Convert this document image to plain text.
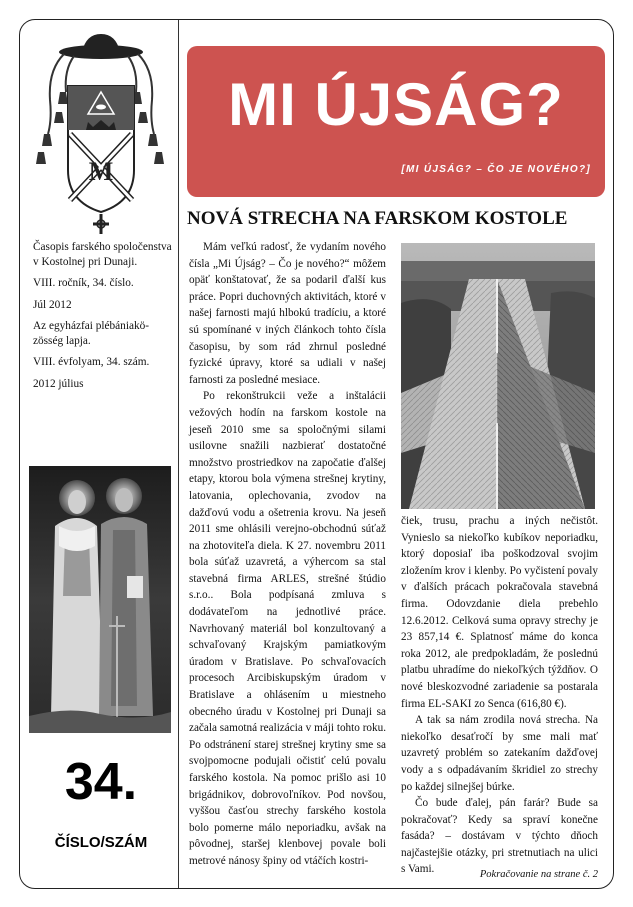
M

Časopis farského spoločenstva v Kostolnej pri Dunaji.

VIII. ročník, 34. číslo.

Júl 2012

Az egyházfai plébániakö-zösség lapja.

VIII. évfolyam, 34. szám.

2012 július

34.
ČÍSLO/SZÁM
MI ÚJSÁG?
[MI ÚJSÁG? – ČO JE NOVÉHO?]
NOVÁ STRECHA NA FARSKOM KOSTOLE

Mám veľkú radosť, že vydaním nového čísla „Mi Újság? – Čo je nového?“ môžem opäť konštatovať, že sa podaril ďalší kus práce. Popri duchovných aktivitách, ktoré v našej farnosti majú hlbokú tradíciu, a ktoré sú spomínané v iných článkoch tohto čísla časopisu, by som rád zhrnul posledné fyzické úpravy, ktoré sa udiali v našej farnosti za posledné mesiace.

Po rekonštrukcii veže a inštalácii vežových hodín na farskom kostole na jeseň 2010 sme sa spoločnými silami usilovne snažili nazbierať dostatočné množstvo prostriedkov na započatie ďalšej etapy, ktorou bola výmena strešnej krytiny, latovania, oplechovania, zvodov na dažďovú vodu a ošetrenia krovu. Na jeseň 2011 sme ohlásili verejno-obchodnú súťaž na zhotoviteľa diela. K 27. novembru 2011 bola súťaž uzavretá, a výhercom sa stal stavebná firma ARLES, strešné štúdio s.r.o.. Bola podpísaná zmluva s dodávateľom na jednotlivé práce. Navrhovaný materiál bol konzultovaný a schvaľovaný Krajským pamiatkovým úradom v Bratislave. Po schvaľovacích procesoch Arcibiskupským úradom v Bratislave a ohlásením u miestneho obecného úradu v Kostolnej pri Dunaji sa začala samotná realizácia v máji tohto roku. Po odstránení starej strešnej krytiny sme sa svojpomocne podujali očistiť celú povalu farského kostola. Na pomoc prišlo asi 10 brigádnikov, dobrovoľníkov. Pod novšou, vyššou časťou strechy farského kostola bolo pomerne málo neporiadku, avšak na pôvodnej, staršej klenbovej povale boli metrové nánosy špiny od vtáčích kostri-

čiek, trusu, prachu a iných nečistôt. Vynieslo sa niekoľko kubíkov neporiadku, ktorý doposiaľ iba poškodzoval svojim zložením krov i klenby. Po vyčistení povaly v ďalších prácach pokračovala stavebná firma. Odovzdanie diela prebehlo 12.6.2012. Celková suma opravy strechy je 23 857,14 €. Splatnosť máme do konca roka 2012, ale predpokladám, že poslednú platbu uhradíme do niekoľkých týždňov. O nové bleskozvodné zariadenie sa postarala firma EL-SAKI zo Senca (616,80 €).

A tak sa nám zrodila nová strecha. Na niekoľko desaťročí by sme mali mať uzavretý problém so zatekaním dažďovej vody a s odpadávaním škridiel zo strechy po každej silnejšej búrke.

Čo bude ďalej, pán farár? Bude sa pokračovať? Kedy sa spraví konečne fasáda? – dostávam v týchto dňoch najčastejšie otázky, pri stretnutiach na ulici s Vami.	Pokračovanie na strane č. 2
